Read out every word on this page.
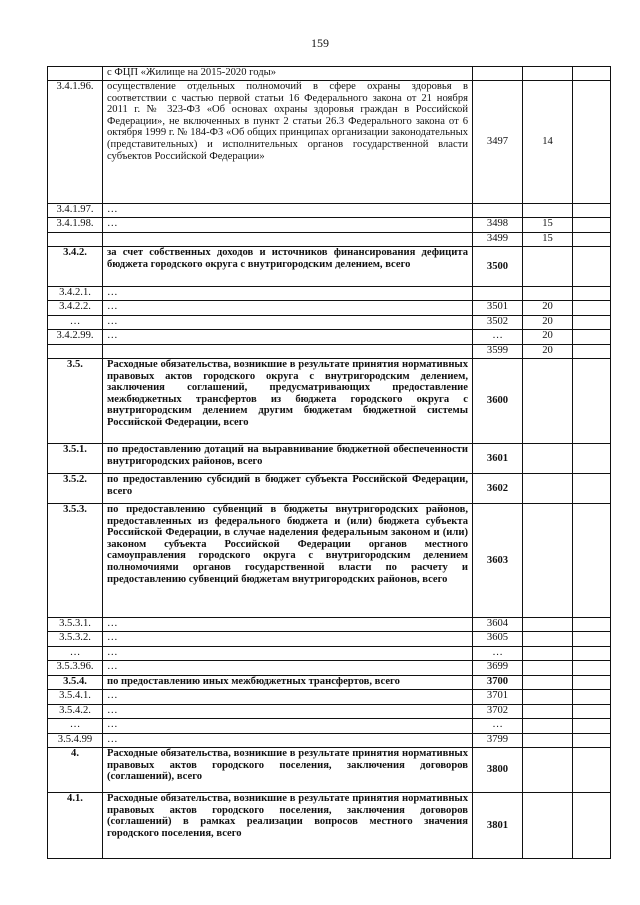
159
	с ФЦП «Жилище на 2015-2020 годы»			
3.4.1.96.	осуществление отдельных полномочий в сфере охраны здоровья в соответствии с частью первой статьи 16 Федерального закона от 21 ноября 2011 г. № 323-ФЗ «Об основах охраны здоровья граждан в Российской Федерации», не включенных в пункт 2 статьи 26.3 Федерального закона от 6 октября 1999 г. № 184-ФЗ «Об общих принципах организации законодательных (представительных) и исполнительных органов государственной власти субъектов Российской Федерации»	3497	14	
3.4.1.97.	…			
3.4.1.98.	…	3498	15	
		3499	15	
3.4.2.	за счет собственных доходов и источников финансирования дефицита бюджета городского округа с внутригородским делением, всего	3500		
3.4.2.1.	…			
3.4.2.2.	…	3501	20	
…	…	3502	20	
3.4.2.99.	…	…	20	
		3599	20	
3.5.	Расходные обязательства, возникшие в результате принятия нормативных правовых актов городского округа с внутригородским делением, заключения соглашений, предусматривающих предоставление межбюджетных трансфертов из бюджета городского округа с внутригородским делением другим бюджетам бюджетной системы Российской Федерации, всего	3600		
3.5.1.	по предоставлению дотаций на выравнивание бюджетной обеспеченности внутригородских районов, всего	3601		
3.5.2.	по предоставлению субсидий в бюджет субъекта Российской Федерации, всего	3602		
3.5.3.	по предоставлению субвенций в бюджеты внутригородских районов, предоставленных из федерального бюджета и (или) бюджета субъекта Российской Федерации, в случае наделения федеральным законом и (или) законом субъекта Российской Федерации органов местного самоуправления городского округа с внутригородским делением полномочиями органов государственной власти по расчету и предоставлению субвенций бюджетам внутригородских районов, всего	3603		
3.5.3.1.	…	3604		
3.5.3.2.	…	3605		
…	…	…		
3.5.3.96.	…	3699		
3.5.4.	по предоставлению иных межбюджетных трансфертов, всего	3700		
3.5.4.1.	…	3701		
3.5.4.2.	…	3702		
…	…	…		
3.5.4.99	…	3799		
4.	Расходные обязательства, возникшие в результате принятия нормативных правовых актов городского поселения, заключения договоров (соглашений), всего	3800		
4.1.	Расходные обязательства, возникшие в результате принятия нормативных правовых актов городского поселения, заключения договоров (соглашений) в рамках реализации вопросов местного значения городского поселения, всего	3801		
